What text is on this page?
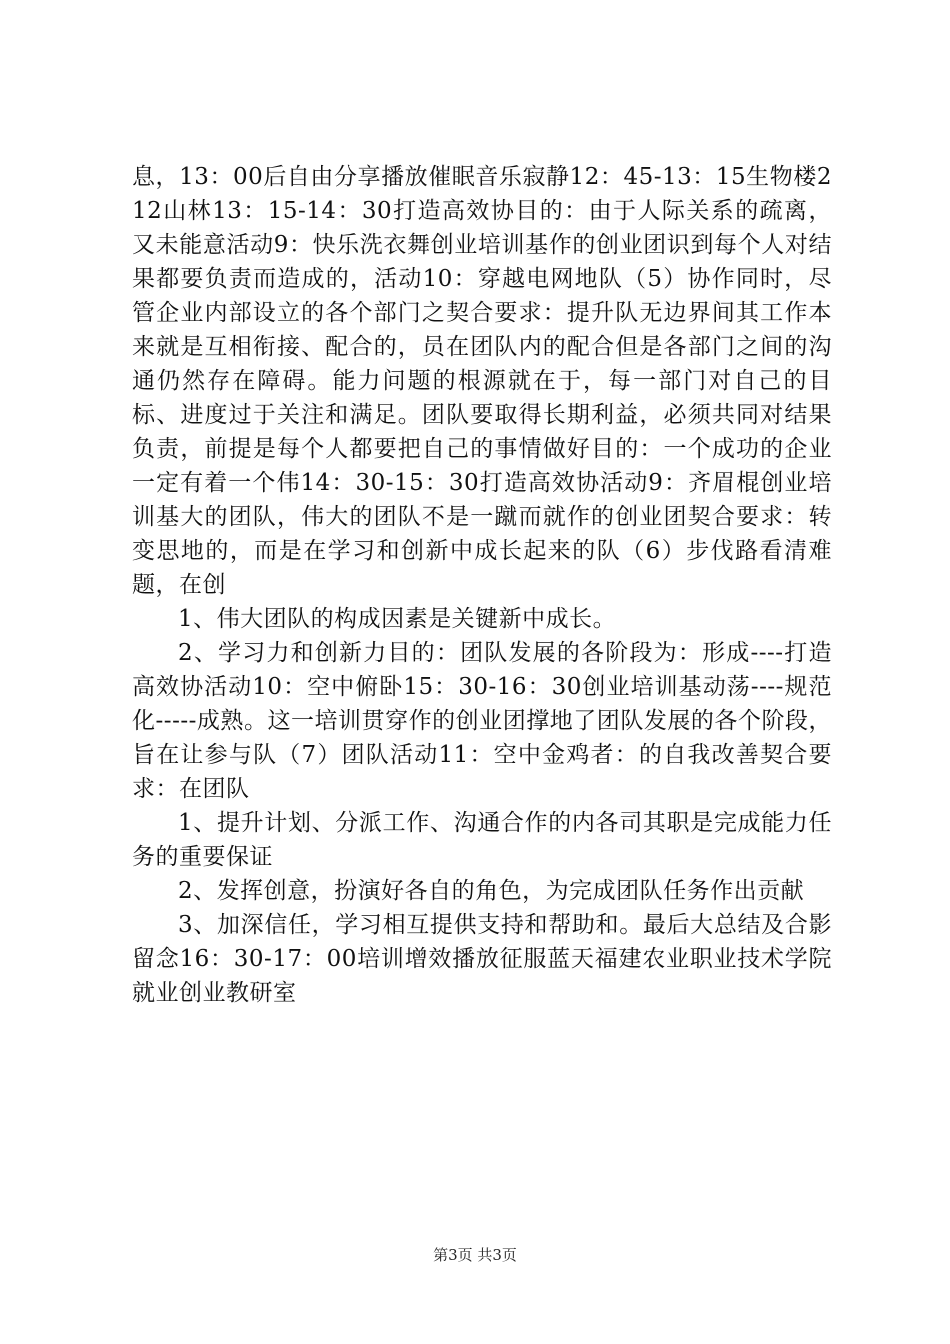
息，13：00后自由分享播放催眠音乐寂静12：45-13：15生物楼212山林13：15-14：30打造高效协目的：由于人际关系的疏离，又未能意活动9：快乐洗衣舞创业培训基作的创业团识到每个人对结果都要负责而造成的，活动10：穿越电网地队（5）协作同时，尽管企业内部设立的各个部门之契合要求：提升队无边界间其工作本来就是互相衔接、配合的，员在团队内的配合但是各部门之间的沟通仍然存在障碍。能力问题的根源就在于，每一部门对自己的目标、进度过于关注和满足。团队要取得长期利益，必须共同对结果负责，前提是每个人都要把自己的事情做好目的：一个成功的企业一定有着一个伟14：30-15：30打造高效协活动9：齐眉棍创业培训基大的团队，伟大的团队不是一蹴而就作的创业团契合要求：转变思地的，而是在学习和创新中成长起来的队（6）步伐路看清难题，在创

1、伟大团队的构成因素是关键新中成长。

2、学习力和创新力目的：团队发展的各阶段为：形成----打造高效协活动10：空中俯卧15：30-16：30创业培训基动荡----规范化-----成熟。这一培训贯穿作的创业团撑地了团队发展的各个阶段，旨在让参与队（7）团队活动11：空中金鸡者：的自我改善契合要求：在团队

1、提升计划、分派工作、沟通合作的内各司其职是完成能力任务的重要保证

2、发挥创意，扮演好各自的角色，为完成团队任务作出贡献

3、加深信任，学习相互提供支持和帮助和。最后大总结及合影留念16：30-17：00培训增效播放征服蓝天福建农业职业技术学院就业创业教研室

第3页 共3页
